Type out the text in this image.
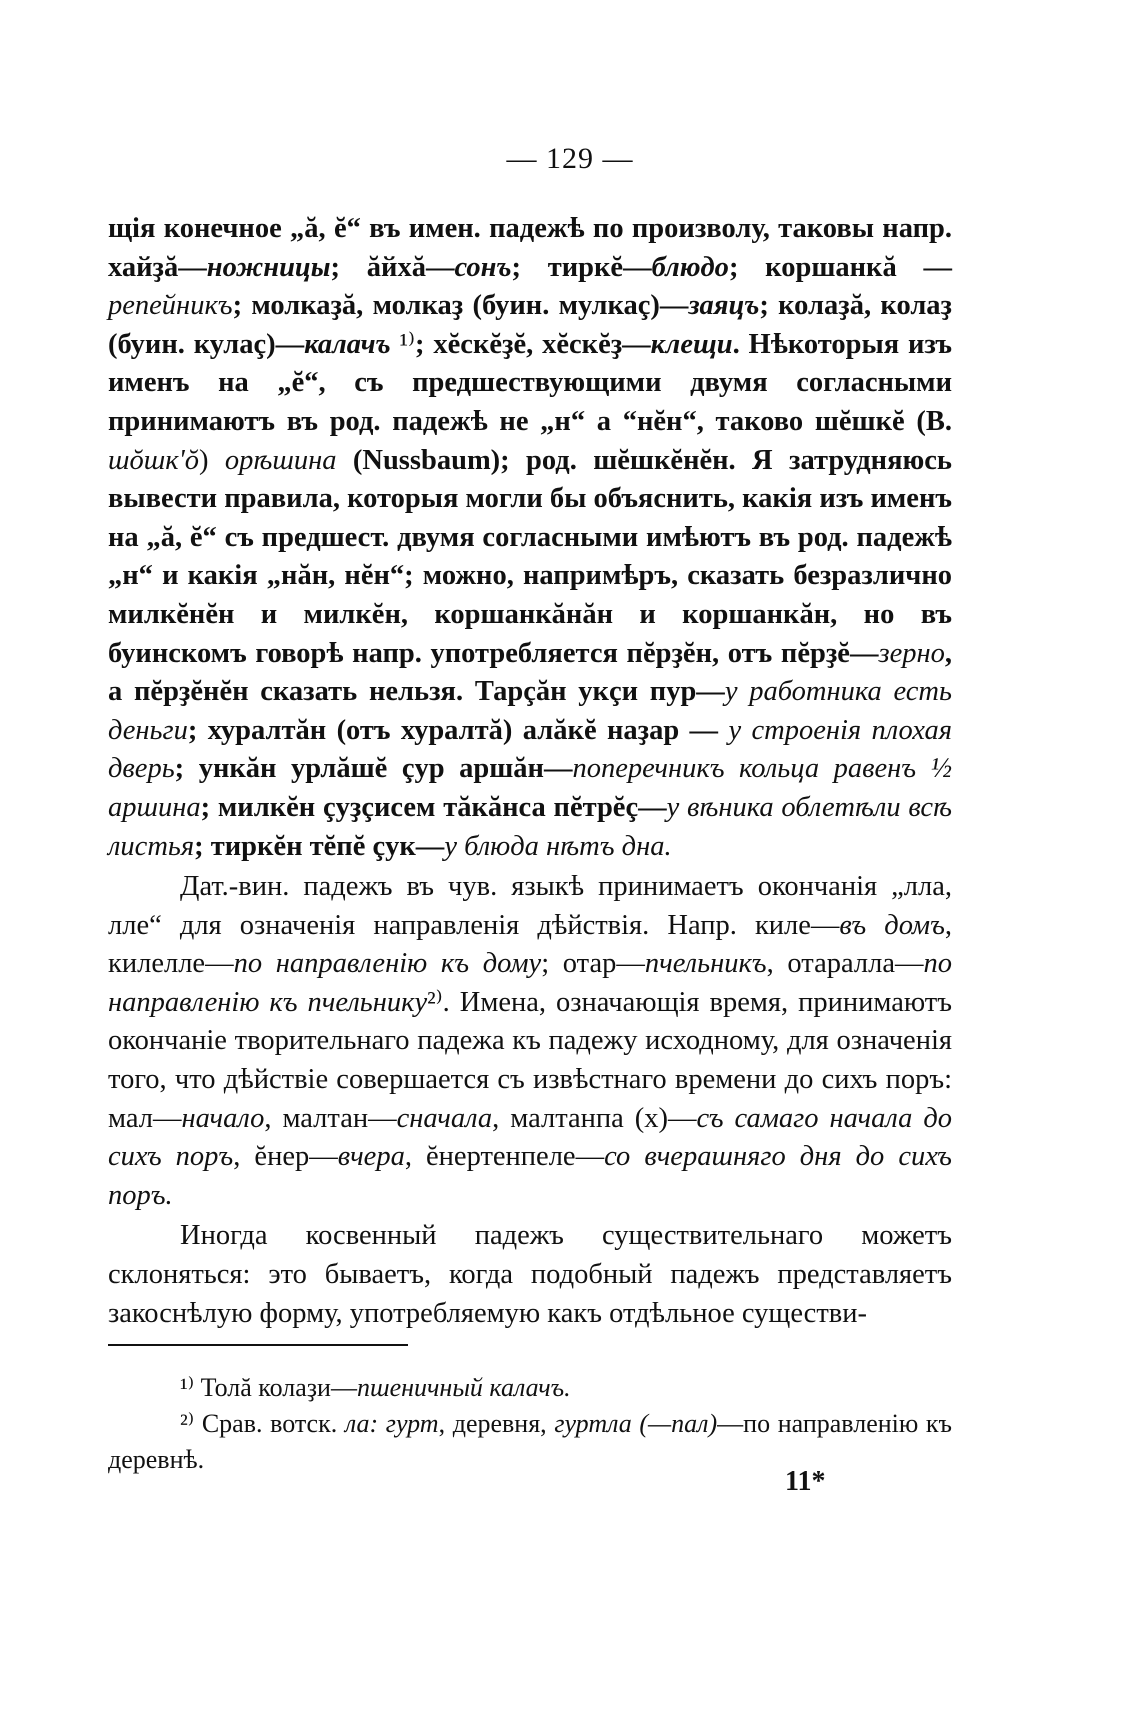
— 129 —

щія конечное „ă, ĕ“ въ имен. падежѣ по произволу, таковы напр. хайҙă—ножницы; ăйхă—сонъ; тиркĕ—блюдо; коршанкă —репейникъ; молкаҙă, молкаҙ (буин. мулкаç)—заяцъ; колаҙă, колаҙ (буин. кулаç)—калачъ ¹⁾; хĕскĕҙĕ, хĕскĕҙ—клещи. Нѣкоторыя изъ именъ на „ĕ“, съ предшествующими двумя согласными принимаютъ въ род. падежѣ не „н“ а “нĕн“, таково шĕшкĕ (В. шŏшк'ŏ) орѣшина (Nussbaum); род. шĕшкĕнĕн. Я затрудняюсь вывести правила, которыя могли бы объяснить, какія изъ именъ на „ă, ĕ“ съ предшест. двумя согласными имѣютъ въ род. падежѣ „н“ и какія „нăн, нĕн“; можно, напримѣръ, сказать безразлично милкĕнĕн и милкĕн, коршанкăнăн и коршанкăн, но въ буинскомъ говорѣ напр. употребляется пĕрҙĕн, отъ пĕрҙĕ—зерно, а пĕрҙĕнĕн сказать нельзя. Тарçăн укçи пур—у работника есть деньги; хуралтăн (отъ хуралтă) алăкĕ наҙар — у строенія плохая дверь; ункăн урлăшĕ çур аршăн—поперечникъ кольца равенъ ½ аршина; милкĕн çуҙçисем тăкăнса пĕтрĕç—у вѣника облетѣли всѣ листья; тиркĕн тĕпĕ çук—у блюда нѣтъ дна.

Дат.-вин. падежъ въ чув. языкѣ принимаетъ окончанія „лла, лле“ для означенія направленія дѣйствія. Напр. киле—въ домъ, килелле—по направленію къ дому; отар—пчельникъ, отаралла—по направленію къ пчельнику²⁾. Имена, означающія время, принимаютъ окончаніе творительнаго падежа къ падежу исходному, для означенія того, что дѣйствіе совершается съ извѣстнаго времени до сихъ поръ: мал—начало, малтан—сначала, малтанпа (х)—съ самаго начала до сихъ поръ, ĕнер—вчера, ĕнертенпеле—со вчерашняго дня до сихъ поръ.

Иногда косвенный падежъ существительнаго можетъ склоняться: это бываетъ, когда подобный падежъ представляетъ закоснѣлую форму, употребляемую какъ отдѣльное существи-

¹⁾ Толă колаҙи—пшеничный калачъ.

²⁾ Срав. вотск. ла: гурт, деревня, гуртла (—пал)—по направленію къ деревнѣ.

11*
